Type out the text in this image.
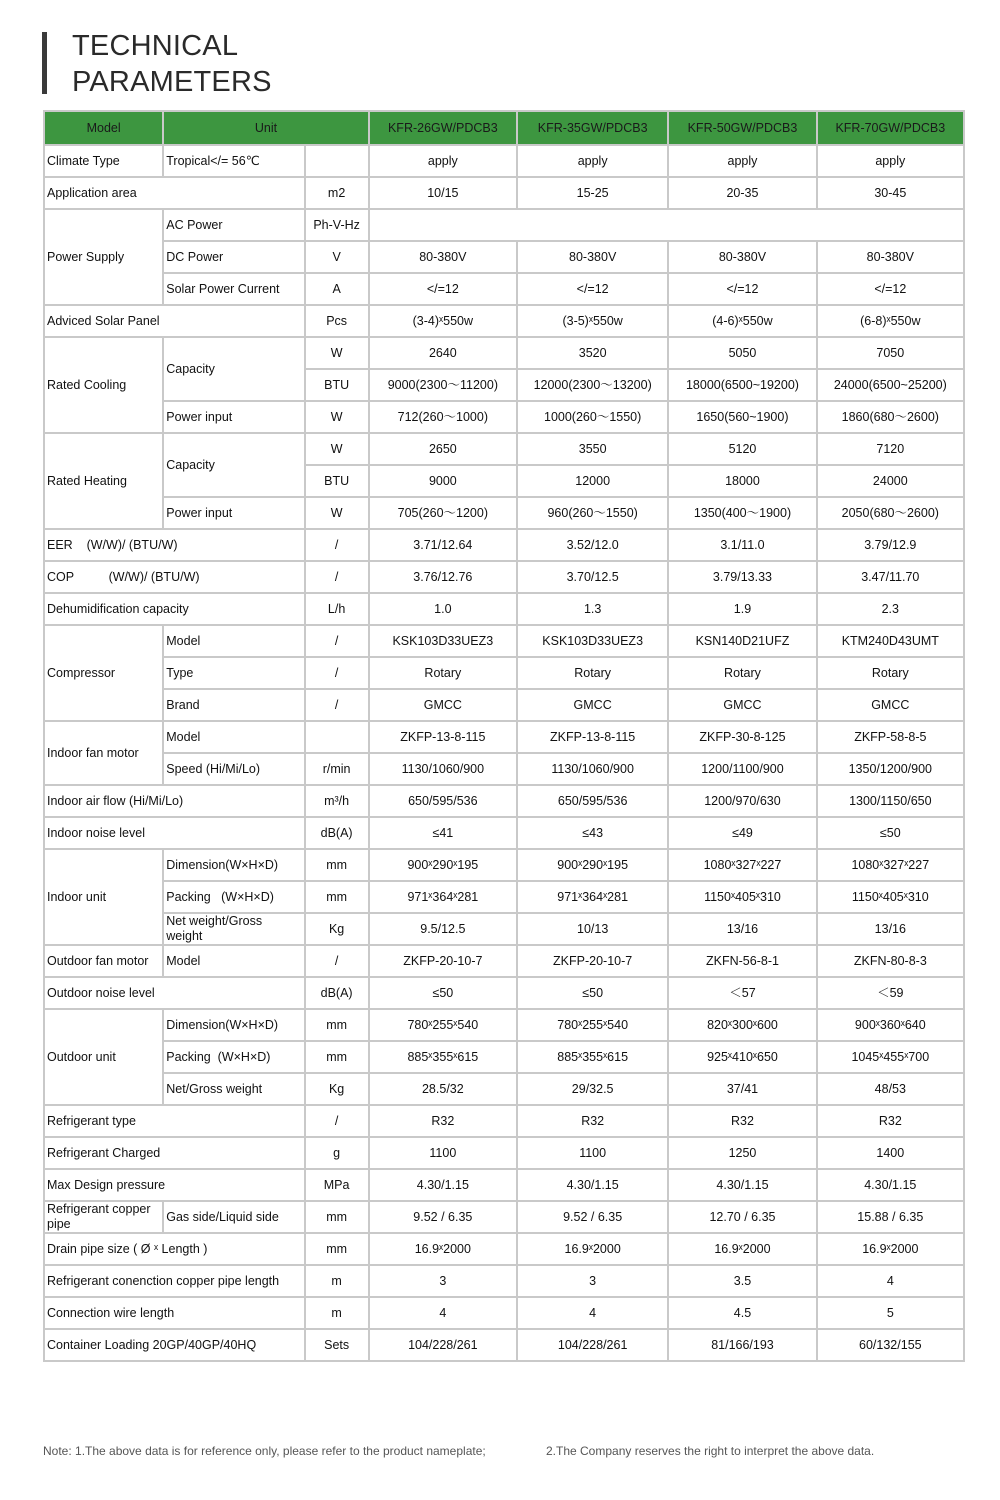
TECHNICAL
PARAMETERS
Model	Unit		KFR-26GW/PDCB3	KFR-35GW/PDCB3	KFR-50GW/PDCB3	KFR-70GW/PDCB3
Climate Type	Tropical</= 56℃		apply	apply	apply	apply
Application area		m2	10/15	15-25	20-35	30-45
Power Supply	AC Power	Ph-V-Hz				
	DC Power	V	80-380V	80-380V	80-380V	80-380V
	Solar Power Current	A	</=12	</=12	</=12	</=12
Adviced Solar Panel		Pcs	(3-4)ˣ550w	(3-5)ˣ550w	(4-6)ˣ550w	(6-8)ˣ550w
Rated Cooling	Capacity	W	2640	3520	5050	7050
		BTU	9000(2300～11200)	12000(2300～13200)	18000(6500~19200)	24000(6500~25200)
	Power input	W	712(260～1000)	1000(260～1550)	1650(560~1900)	1860(680～2600)
Rated Heating	Capacity	W	2650	3550	5120	7120
		BTU	9000	12000	18000	24000
	Power input	W	705(260～1200)	960(260～1550)	1350(400～1900)	2050(680～2600)
EER    (W/W)/ (BTU/W)		/	3.71/12.64	3.52/12.0	3.1/11.0	3.79/12.9
COP          (W/W)/ (BTU/W)		/	3.76/12.76	3.70/12.5	3.79/13.33	3.47/11.70
Dehumidification capacity		L/h	1.0	1.3	1.9	2.3
Compressor	Model	/	KSK103D33UEZ3	KSK103D33UEZ3	KSN140D21UFZ	KTM240D43UMT
	Type	/	Rotary	Rotary	Rotary	Rotary
	Brand	/	GMCC	GMCC	GMCC	GMCC
Indoor fan motor	Model		ZKFP-13-8-115	ZKFP-13-8-115	ZKFP-30-8-125	ZKFP-58-8-5
	Speed (Hi/Mi/Lo)	r/min	1130/1060/900	1130/1060/900	1200/1100/900	1350/1200/900
Indoor air flow (Hi/Mi/Lo)		m³/h	650/595/536	650/595/536	1200/970/630	1300/1150/650
Indoor noise level		dB(A)	≤41	≤43	≤49	≤50
Indoor unit	Dimension(W×H×D)	mm	900ˣ290ˣ195	900ˣ290ˣ195	1080ˣ327ˣ227	1080ˣ327ˣ227
	Packing   (W×H×D)	mm	971ˣ364ˣ281	971ˣ364ˣ281	1150ˣ405ˣ310	1150ˣ405ˣ310
	Net weight/Gross weight	Kg	9.5/12.5	10/13	13/16	13/16
Outdoor fan motor	Model	/	ZKFP-20-10-7	ZKFP-20-10-7	ZKFN-56-8-1	ZKFN-80-8-3
Outdoor noise level		dB(A)	≤50	≤50	＜57	＜59
Outdoor unit	Dimension(W×H×D)	mm	780ˣ255ˣ540	780ˣ255ˣ540	820ˣ300ˣ600	900ˣ360ˣ640
	Packing  (W×H×D)	mm	885ˣ355ˣ615	885ˣ355ˣ615	925ˣ410ˣ650	1045ˣ455ˣ700
	Net/Gross weight	Kg	28.5/32	29/32.5	37/41	48/53
Refrigerant type		/	R32	R32	R32	R32
Refrigerant Charged		g	1100	1100	1250	1400
Max Design pressure		MPa	4.30/1.15	4.30/1.15	4.30/1.15	4.30/1.15
Refrigerant copper pipe	Gas side/Liquid side	mm	9.52 / 6.35	9.52 / 6.35	12.70 / 6.35	15.88 / 6.35
Drain pipe size ( Ø ˣ Length )		mm	16.9ˣ2000	16.9ˣ2000	16.9ˣ2000	16.9ˣ2000
Refrigerant conenction copper pipe length		m	3	3	3.5	4
Connection wire length		m	4	4	4.5	5
Container Loading 20GP/40GP/40HQ		Sets	104/228/261	104/228/261	81/166/193	60/132/155
Note: 1.The above data is for reference only, please refer to the product nameplate;	2.The Company reserves the right to interpret the above data.
